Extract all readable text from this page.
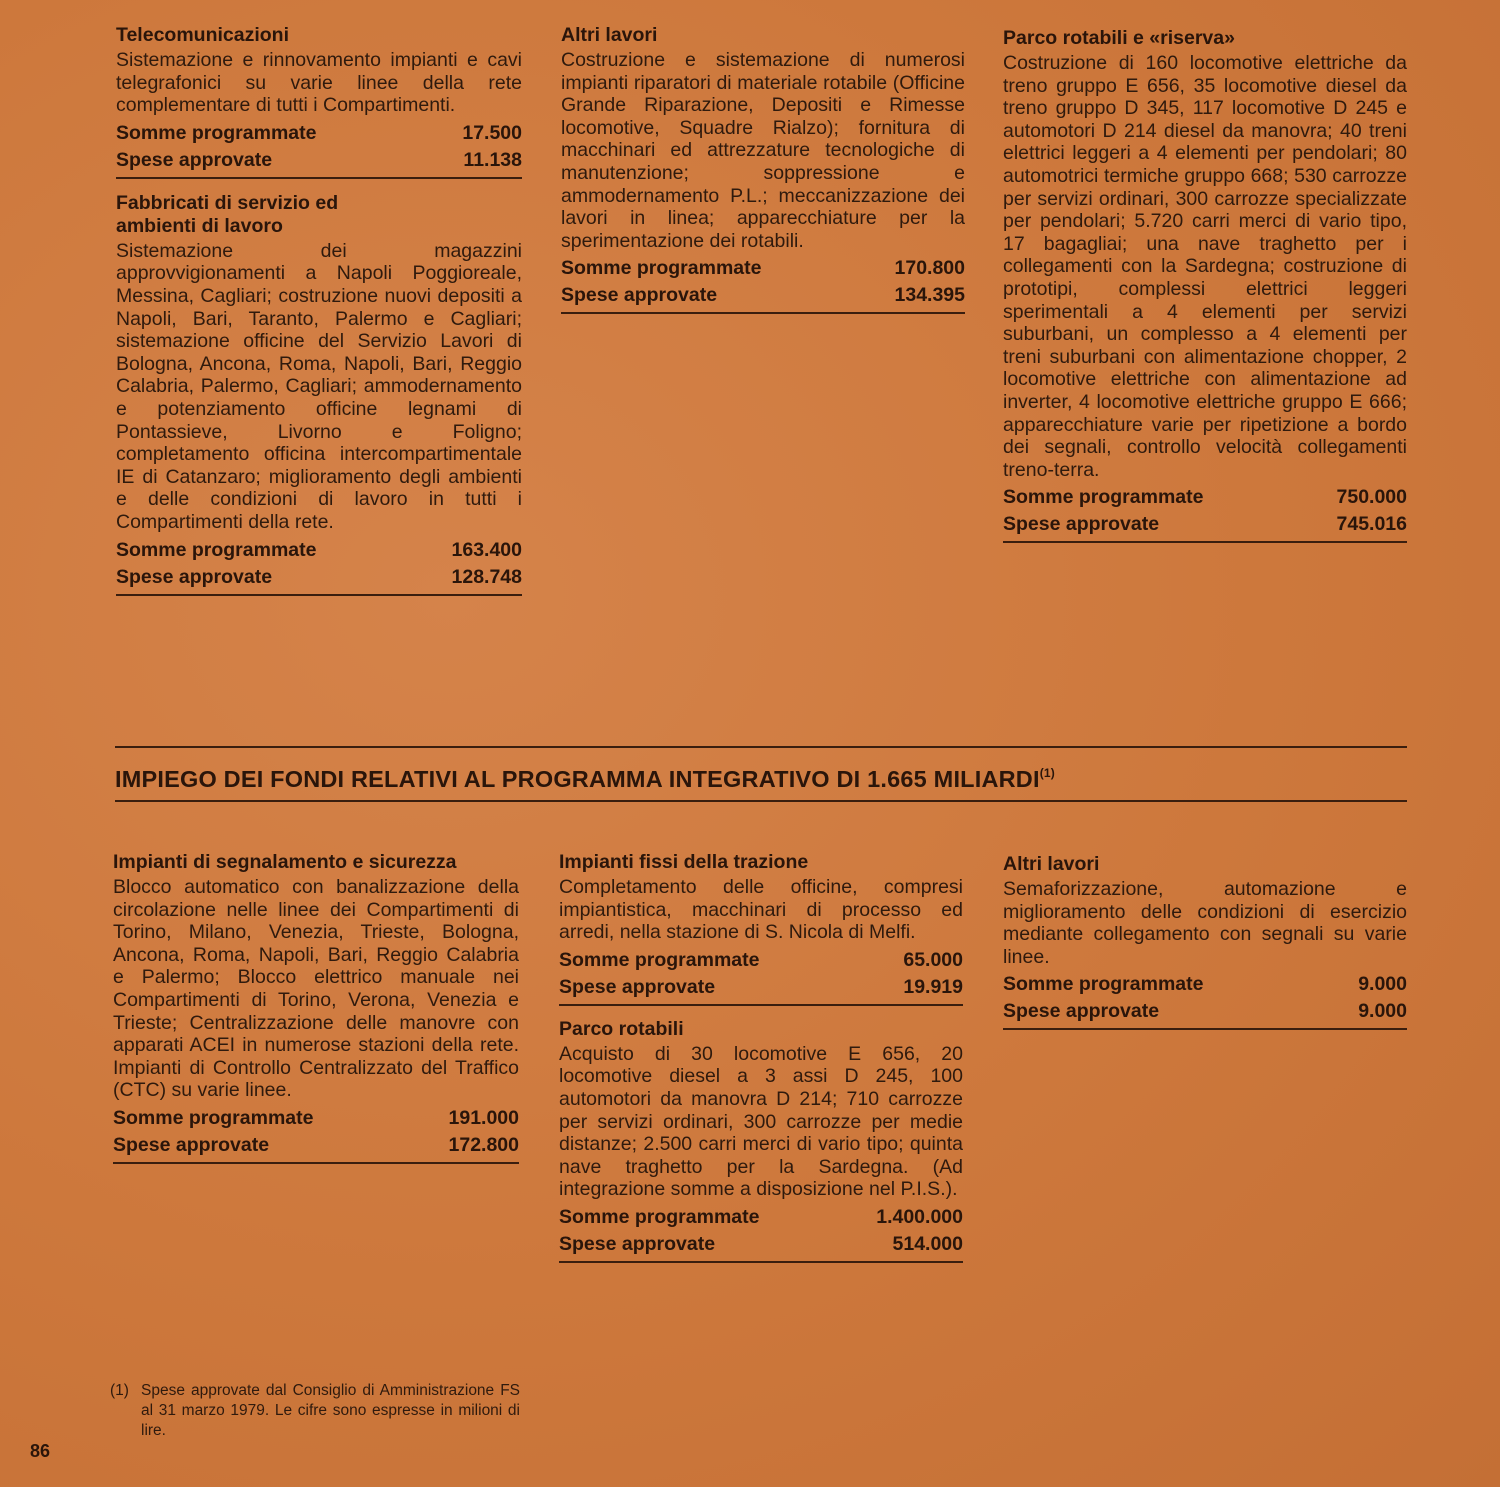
Telecomunicazioni
Sistemazione e rinnovamento impianti e cavi telegrafonici su varie linee della rete complementare di tutti i Compartimenti.
Somme programmate	17.500
Spese approvate	11.138
Fabbricati di servizio ed ambienti di lavoro
Sistemazione dei magazzini approvvigionamenti a Napoli Poggioreale, Messina, Cagliari; costruzione nuovi depositi a Napoli, Bari, Taranto, Palermo e Cagliari; sistemazione officine del Servizio Lavori di Bologna, Ancona, Roma, Napoli, Bari, Reggio Calabria, Palermo, Cagliari; ammodernamento e potenziamento officine legnami di Pontassieve, Livorno e Foligno; completamento officina intercompartimentale IE di Catanzaro; miglioramento degli ambienti e delle condizioni di lavoro in tutti i Compartimenti della rete.
Somme programmate	163.400
Spese approvate	128.748
Altri lavori
Costruzione e sistemazione di numerosi impianti riparatori di materiale rotabile (Officine Grande Riparazione, Depositi e Rimesse locomotive, Squadre Rialzo); fornitura di macchinari ed attrezzature tecnologiche di manutenzione; soppressione e ammodernamento P.L.; meccanizzazione dei lavori in linea; apparecchiature per la sperimentazione dei rotabili.
Somme programmate	170.800
Spese approvate	134.395
Parco rotabili e «riserva»
Costruzione di 160 locomotive elettriche da treno gruppo E 656, 35 locomotive diesel da treno gruppo D 345, 117 locomotive D 245 e automotori D 214 diesel da manovra; 40 treni elettrici leggeri a 4 elementi per pendolari; 80 automotrici termiche gruppo 668; 530 carrozze per servizi ordinari, 300 carrozze specializzate per pendolari; 5.720 carri merci di vario tipo, 17 bagagliai; una nave traghetto per i collegamenti con la Sardegna; costruzione di prototipi, complessi elettrici leggeri sperimentali a 4 elementi per servizi suburbani, un complesso a 4 elementi per treni suburbani con alimentazione chopper, 2 locomotive elettriche con alimentazione ad inverter, 4 locomotive elettriche gruppo E 666; apparecchiature varie per ripetizione a bordo dei segnali, controllo velocità collegamenti treno-terra.
Somme programmate	750.000
Spese approvate	745.016
IMPIEGO DEI FONDI RELATIVI AL PROGRAMMA INTEGRATIVO DI 1.665 MILIARDI$^{(1)}$
Impianti di segnalamento e sicurezza
Blocco automatico con banalizzazione della circolazione nelle linee dei Compartimenti di Torino, Milano, Venezia, Trieste, Bologna, Ancona, Roma, Napoli, Bari, Reggio Calabria e Palermo; Blocco elettrico manuale nei Compartimenti di Torino, Verona, Venezia e Trieste; Centralizzazione delle manovre con apparati ACEI in numerose stazioni della rete. Impianti di Controllo Centralizzato del Traffico (CTC) su varie linee.
Somme programmate	191.000
Spese approvate	172.800
Impianti fissi della trazione
Completamento delle officine, compresi impiantistica, macchinari di processo ed arredi, nella stazione di S. Nicola di Melfi.
Somme programmate	65.000
Spese approvate	19.919
Parco rotabili
Acquisto di 30 locomotive E 656, 20 locomotive diesel a 3 assi D 245, 100 automotori da manovra D 214; 710 carrozze per servizi ordinari, 300 carrozze per medie distanze; 2.500 carri merci di vario tipo; quinta nave traghetto per la Sardegna. (Ad integrazione somme a disposizione nel P.I.S.).
Somme programmate	1.400.000
Spese approvate	514.000
Altri lavori
Semaforizzazione, automazione e miglioramento delle condizioni di esercizio mediante collegamento con segnali su varie linee.
Somme programmate	9.000
Spese approvate	9.000
(1) Spese approvate dal Consiglio di Amministrazione FS al 31 marzo 1979. Le cifre sono espresse in milioni di lire.
86
